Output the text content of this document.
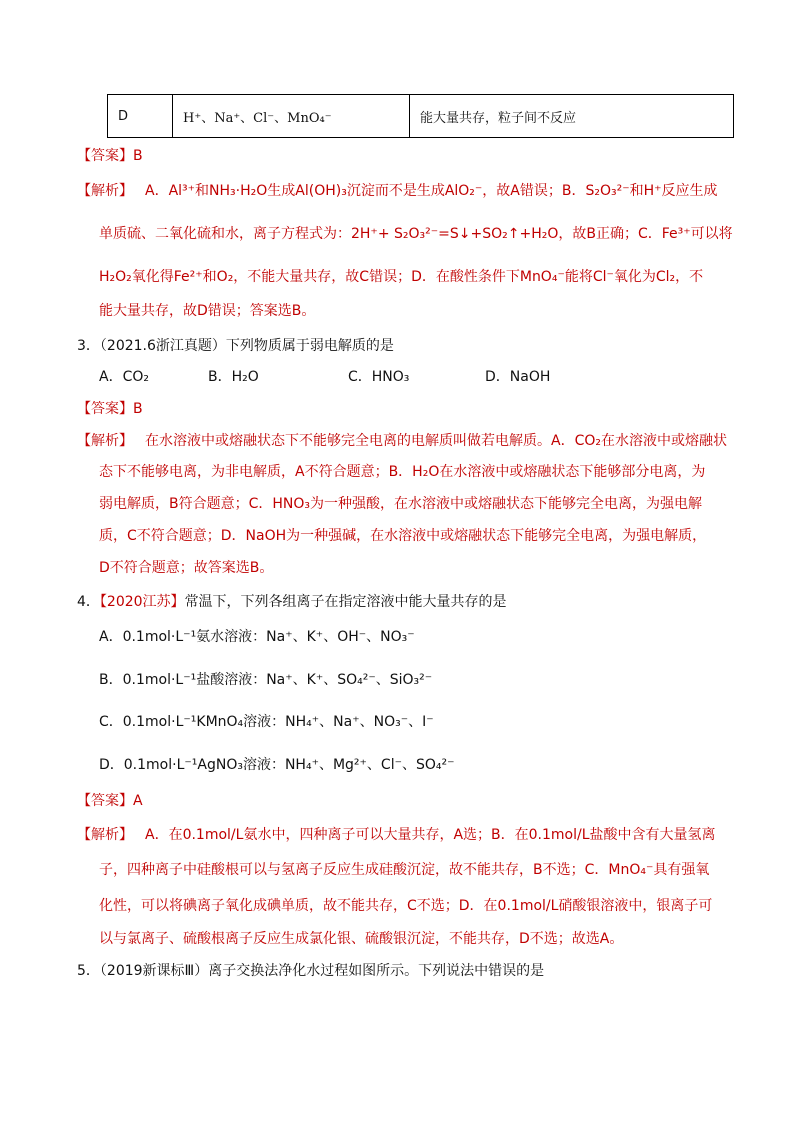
D	H⁺、Na⁺、Cl⁻、MnO₄⁻	能大量共存，粒子间不反应
【答案】B
【解析】 A．Al³⁺和NH₃·H₂O生成Al(OH)₃沉淀而不是生成AlO₂⁻，故A错误；B．S₂O₃²⁻和H⁺反应生成
单质硫、二氧化硫和水，离子方程式为：2H⁺+ S₂O₃²⁻=S↓+SO₂↑+H₂O，故B正确；C．Fe³⁺可以将
H₂O₂氧化得Fe²⁺和O₂，不能大量共存，故C错误；D．在酸性条件下MnO₄⁻能将Cl⁻氧化为Cl₂，不
能大量共存，故D错误；答案选B。
3．（2021.6浙江真题）下列物质属于弱电解质的是
A．CO₂	B．H₂O	C．HNO₃	D．NaOH
【答案】B
【解析】 在水溶液中或熔融状态下不能够完全电离的电解质叫做若电解质。A．CO₂在水溶液中或熔融状
态下不能够电离，为非电解质，A不符合题意；B．H₂O在水溶液中或熔融状态下能够部分电离，为
弱电解质，B符合题意；C．HNO₃为一种强酸，在水溶液中或熔融状态下能够完全电离，为强电解
质，C不符合题意；D．NaOH为一种强碱，在水溶液中或熔融状态下能够完全电离，为强电解质，
D不符合题意；故答案选B。
4．【2020江苏】常温下，下列各组离子在指定溶液中能大量共存的是
A．0.1mol·L⁻¹氨水溶液：Na⁺、K⁺、OH⁻、NO₃⁻
B．0.1mol·L⁻¹盐酸溶液：Na⁺、K⁺、SO₄²⁻、SiO₃²⁻
C．0.1mol·L⁻¹KMnO₄溶液：NH₄⁺、Na⁺、NO₃⁻、I⁻
D．0.1mol·L⁻¹AgNO₃溶液：NH₄⁺、Mg²⁺、Cl⁻、SO₄²⁻
【答案】A
【解析】 A．在0.1mol/L氨水中，四种离子可以大量共存，A选；B．在0.1mol/L盐酸中含有大量氢离
子，四种离子中硅酸根可以与氢离子反应生成硅酸沉淀，故不能共存，B不选；C．MnO₄⁻具有强氧
化性，可以将碘离子氧化成碘单质，故不能共存，C不选；D．在0.1mol/L硝酸银溶液中，银离子可
以与氯离子、硫酸根离子反应生成氯化银、硫酸银沉淀，不能共存，D不选；故选A。
5．（2019新课标Ⅲ）离子交换法净化水过程如图所示。下列说法中错误的是
